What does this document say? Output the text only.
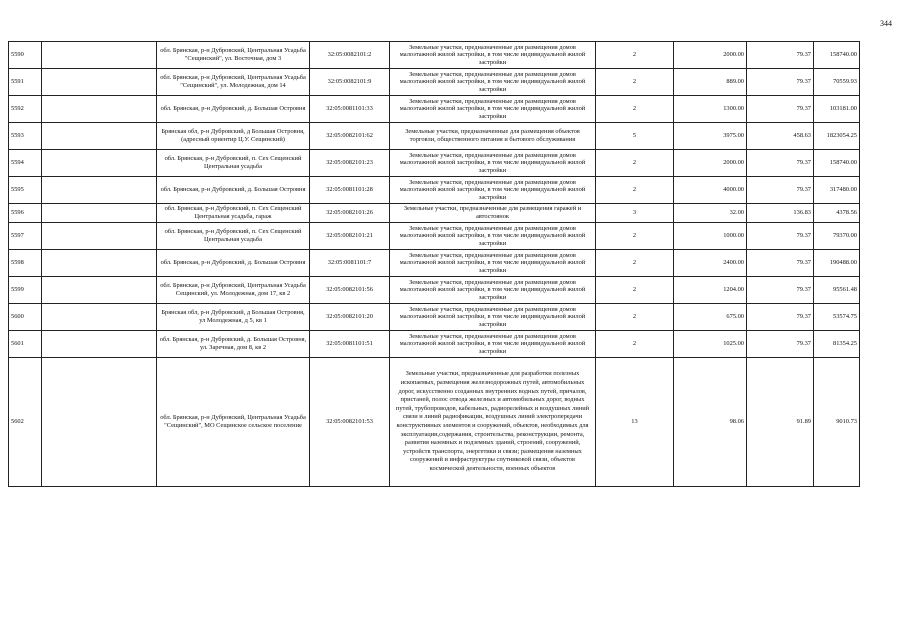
344
5590		обл. Брянская, р-н Дубровский, Центральная Усадьба "Сещинский", ул. Восточная, дом 3	32:05:0082101:2	Земельные участки, предназначенные для размещения домов малоэтажной жилой застройки, в том числе индивидуальной жилой застройки	2	2000.00	79.37	158740.00
5591		обл. Брянская, р-н Дубровский, Центральная Усадьба "Сещинский", ул. Молодежная, дом 14	32:05:0082101:9	Земельные участки, предназначенные для размещения домов малоэтажной жилой застройки, в том числе индивидуальной жилой застройки	2	889.00	79.37	70559.93
5592		обл. Брянская, р-н Дубровский, д. Большая Островня	32:05:0081101:33	Земельные участки, предназначенные для размещения домов малоэтажной жилой застройки, в том числе индивидуальной жилой застройки	2	1300.00	79.37	103181.00
5593		Брянская обл, р-н Дубровский, д Большая Островня, (адресный ориентир Ц.У. Сещинский)	32:05:0082101:62	Земельные участки, предназначенные для размещения объектов торговли, общественного питания и бытового обслуживания	5	3975.00	458.63	1823054.25
5594		обл. Брянская, р-н Дубровский, п. Сех Сещенский Центральная усадьба	32:05:0082101:23	Земельные участки, предназначенные для размещения домов малоэтажной жилой застройки, в том числе индивидуальной жилой застройки	2	2000.00	79.37	158740.00
5595		обл. Брянская, р-н Дубровский, д. Большая Островня	32:05:0081101:28	Земельные участки, предназначенные для размещения домов малоэтажной жилой застройки, в том числе индивидуальной жилой застройки	2	4000.00	79.37	317480.00
5596		обл. Брянская, р-н Дубровский, п. Сех Сещенский Центральная усадьба, гараж	32:05:0082101:26	Земельные участки, предназначенные для размещения гаражей и автостоянок	3	32.00	136.83	4378.56
5597		обл. Брянская, р-н Дубровский, п. Сех Сещенский Центральная усадьба	32:05:0082101:21	Земельные участки, предназначенные для размещения домов малоэтажной жилой застройки, в том числе индивидуальной жилой застройки	2	1000.00	79.37	79370.00
5598		обл. Брянская, р-н Дубровский, д. Большая Островня	32:05:0081101:7	Земельные участки, предназначенные для размещения домов малоэтажной жилой застройки, в том числе индивидуальной жилой застройки	2	2400.00	79.37	190488.00
5599		обл. Брянская, р-н Дубровский, Центральная Усадьба Сещинский, ул. Молодежная, дом 17, кв 2	32:05:0082101:56	Земельные участки, предназначенные для размещения домов малоэтажной жилой застройки, в том числе индивидуальной жилой застройки	2	1204.00	79.37	95561.48
5600		Брянская обл, р-н Дубровский, д Большая Островня, ул Молодежная, д 5, кв 1	32:05:0082101:20	Земельные участки, предназначенные для размещения домов малоэтажной жилой застройки, в том числе индивидуальной жилой застройки	2	675.00	79.37	53574.75
5601		обл. Брянская, р-н Дубровский, д. Большая Островня, ул. Заречная, дом 8, кв 2	32:05:0081101:51	Земельные участки, предназначенные для размещения домов малоэтажной жилой застройки, в том числе индивидуальной жилой застройки	2	1025.00	79.37	81354.25
5602		обл. Брянская, р-н Дубровский, Центральная Усадьба "Сещинский", МО Сещинское сельское поселение	32:05:0082101:53	Земельные участки, предназначенные для разработки полезных ископаемых, размещения железнодорожных путей, автомобильных дорог, искусственно созданных внутренних водных путей, причалов, пристаней, полос отвода железных и автомобильных дорог, водных путей, трубопроводов, кабельных, радиорелейных и воздушных линий связи и линий радиофикации, воздушных линий электропередачи конструктивных элементов и сооружений, объектов, необходимых для эксплуатации,содержания, строительства, реконструкции, ремонта, развития наземных и подземных зданий, строений, сооружений, устройств транспорта, энергетики и связи; размещения наземных сооружений и инфраструктуры спутниковой связи, объектов космической деятельности, военных объектов	13	98.06	91.89	9010.73
